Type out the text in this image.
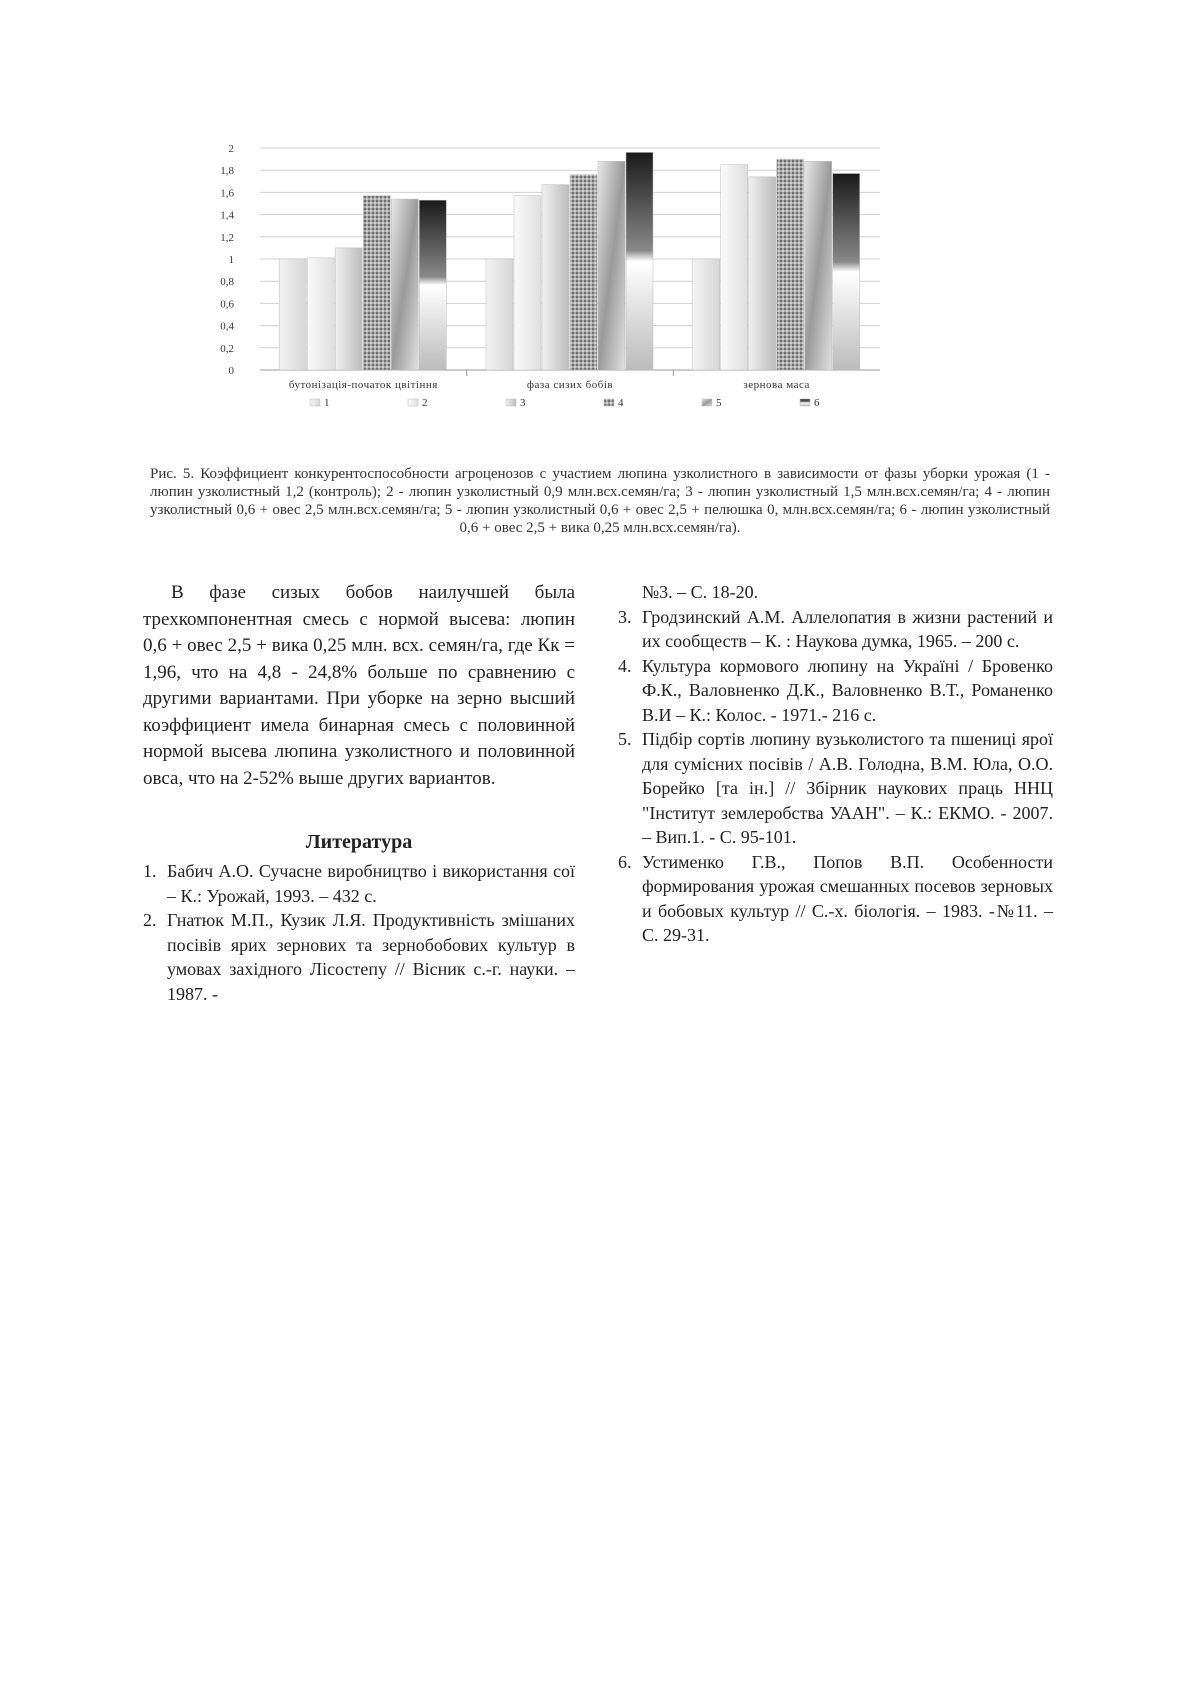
0
0,2
0,4
0,6
0,8
1
1,2
1,4
1,6
1,8
2
бутонізація-початок цвітіння	фаза сизих бобів	зернова маса
1	2	3	4	5	6
Рис. 5. Коэффициент конкурентоспособности агроценозов с участием люпина узколистного в зависимости от фазы уборки урожая (1 - люпин узколистный 1,2 (контроль); 2 - люпин узколистный 0,9 млн.всх.семян/га; 3 - люпин узколистный 1,5 млн.всх.семян/га; 4 - люпин узколистный 0,6 + овес 2,5 млн.всх.семян/га; 5 - люпин узколистный 0,6 + овес 2,5 + пелюшка 0, млн.всх.семян/га; 6 - люпин узколистный 0,6 + овес 2,5 + вика 0,25 млн.всх.семян/га).

В фазе сизых бобов наилучшей была трехкомпонентная смесь с нормой высева: люпин 0,6 + овес 2,5 + вика 0,25 млн. всх. семян/га, где Кк = 1,96, что на 4,8 - 24,8% больше по сравнению с другими вариантами. При уборке на зерно высший коэффициент имела бинарная смесь с половинной нормой высева люпина узколистного и половинной овса, что на 2-52% выше других вариантов.

Литература

1. Бабич А.О. Сучасне виробництво і використання сої – К.: Урожай, 1993. – 432 с.

2. Гнатюк М.П., Кузик Л.Я. Продуктивність змішаних посівів ярих зернових та зернобобових культур в умовах західного Лісостепу // Вісник с.-г. науки. – 1987. -

№3. – С. 18-20.

3. Гродзинский А.М. Аллелопатия в жизни растений и их сообществ – К. : Наукова думка, 1965. – 200 с.

4. Культура кормового люпину на Україні / Бровенко Ф.К., Валовненко Д.К., Валовненко В.Т., Романенко В.И – К.: Колос. - 1971.- 216 с.

5. Підбір сортів люпину вузьколистого та пшениці ярої для сумісних посівів / А.В. Голодна, В.М. Юла, О.О. Борейко [та ін.] // Збірник наукових праць ННЦ "Інститут землеробства УААН". – К.: ЕКМО. - 2007. – Вип.1. - С. 95-101.

6. Устименко Г.В., Попов В.П. Особенности формирования урожая смешанных посевов зерновых и бобовых культур // С.-х. біологія. – 1983. -№11. – С. 29-31.
